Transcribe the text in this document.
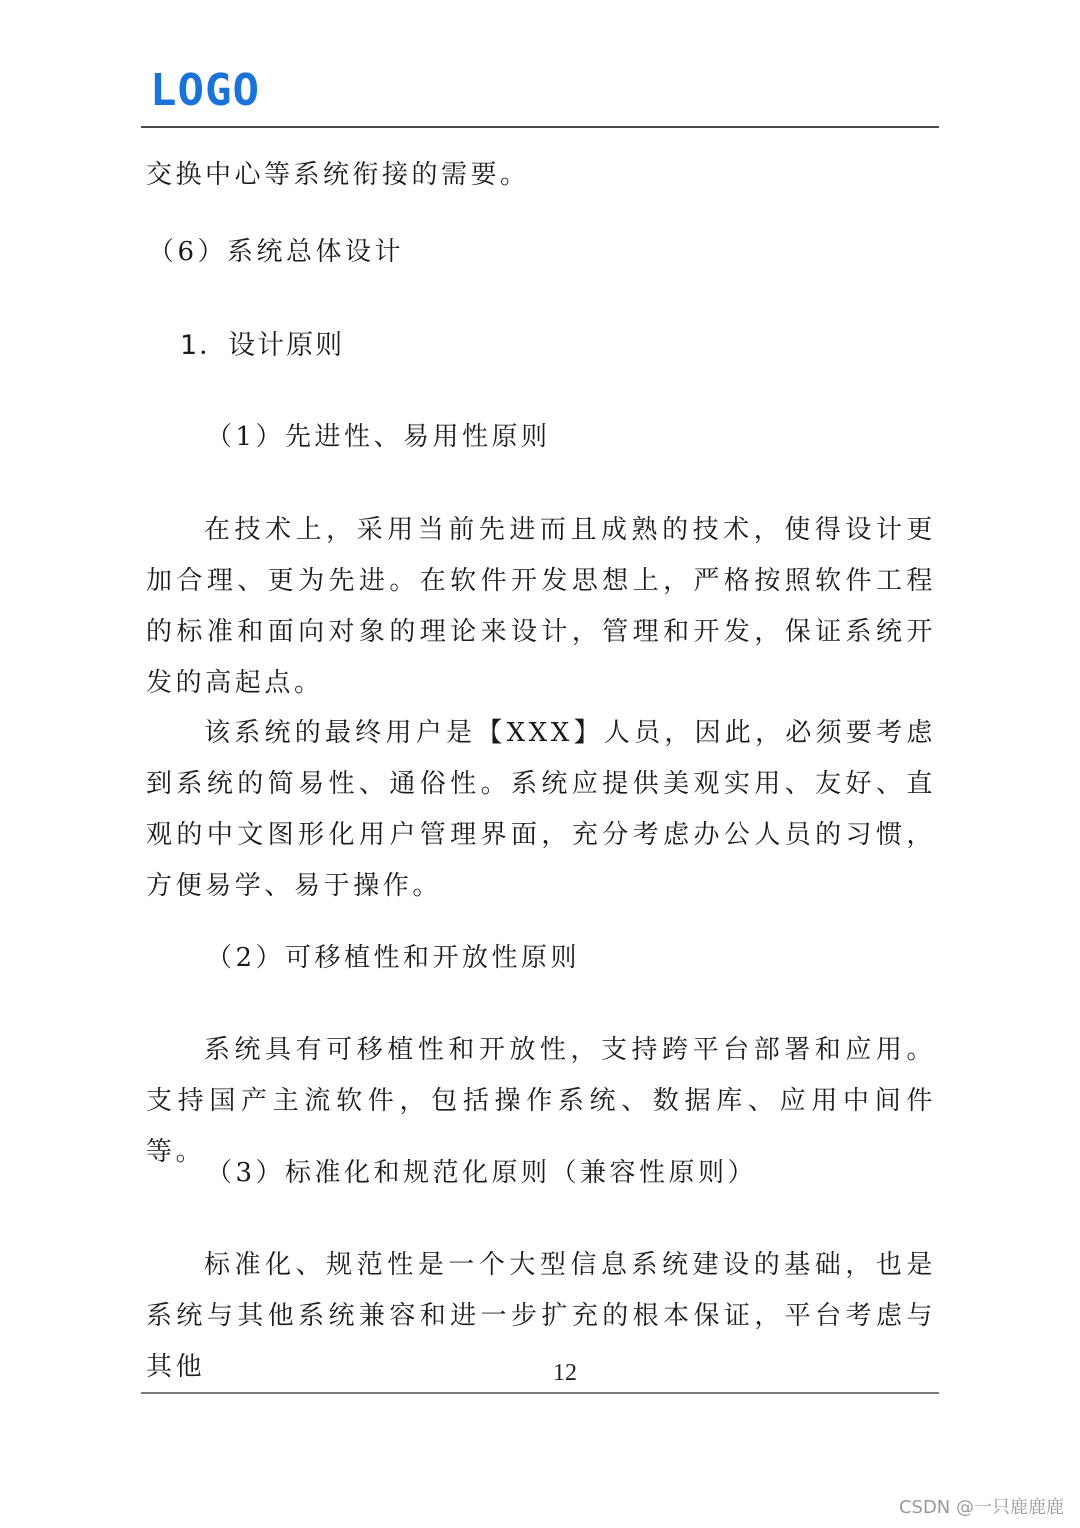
LOGO
交换中心等系统衔接的需要。
（6）系统总体设计
1．设计原则
（1）先进性、易用性原则
在技术上，采用当前先进而且成熟的技术，使得设计更加合理、更为先进。在软件开发思想上，严格按照软件工程的标准和面向对象的理论来设计，管理和开发，保证系统开发的高起点。
该系统的最终用户是【XXX】人员，因此，必须要考虑到系统的简易性、通俗性。系统应提供美观实用、友好、直观的中文图形化用户管理界面，充分考虑办公人员的习惯，方便易学、易于操作。
（2）可移植性和开放性原则
系统具有可移植性和开放性，支持跨平台部署和应用。支持国产主流软件，包括操作系统、数据库、应用中间件等。
（3）标准化和规范化原则（兼容性原则）
标准化、规范性是一个大型信息系统建设的基础，也是系统与其他系统兼容和进一步扩充的根本保证，平台考虑与其他	12
CSDN @一只鹿鹿鹿
